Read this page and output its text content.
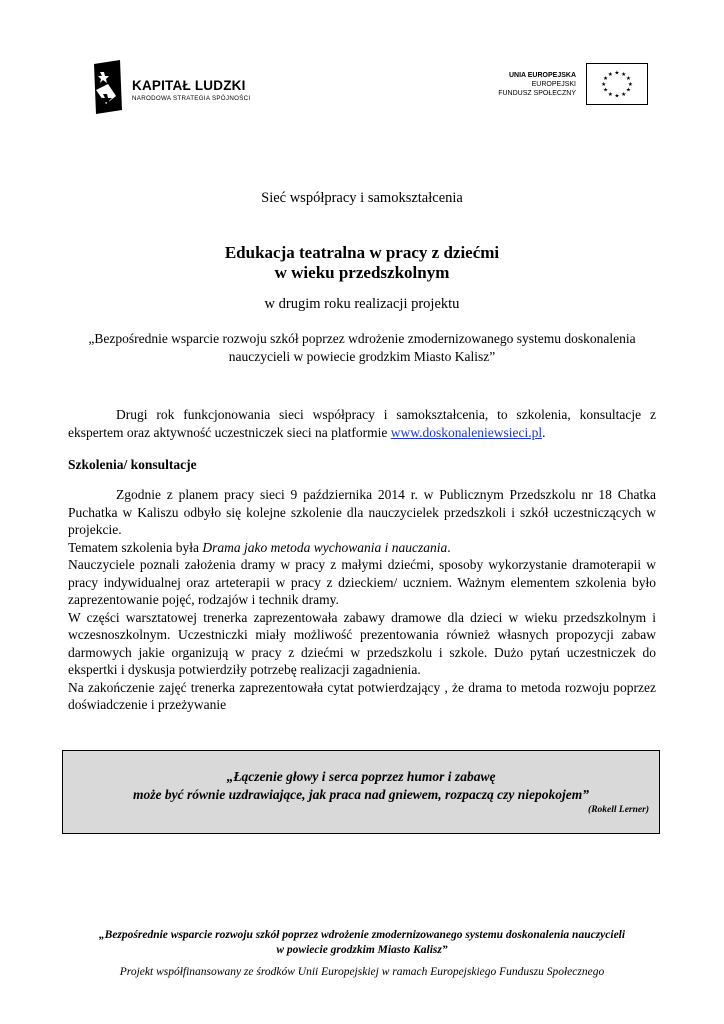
KAPITAŁ LUDZKI
NARODOWA STRATEGIA SPÓJNOŚCI
UNIA EUROPEJSKA
EUROPEJSKI
FUNDUSZ SPOŁECZNY
★ ★
★
★
★
★
★
★
★
★
★
★
Sieć współpracy i samokształcenia
Edukacja teatralna w pracy z dziećmi
w wieku przedszkolnym
w drugim roku realizacji projektu
„Bezpośrednie wsparcie rozwoju szkół poprzez wdrożenie zmodernizowanego systemu doskonalenia
nauczycieli w powiecie grodzkim Miasto Kalisz”
Drugi rok funkcjonowania sieci współpracy i samokształcenia, to szkolenia, konsultacje z ekspertem oraz aktywność uczestniczek sieci na platformie www.doskonaleniewsieci.pl.
Szkolenia/ konsultacje

Zgodnie z planem pracy sieci 9 października 2014 r. w Publicznym Przedszkolu nr 18 Chatka Puchatka w Kaliszu odbyło się kolejne szkolenie dla nauczycielek przedszkoli i szkół uczestniczących w projekcie.

Tematem szkolenia była Drama jako metoda wychowania i nauczania.

Nauczyciele poznali założenia dramy w pracy z małymi dziećmi, sposoby wykorzystanie dramoterapii w pracy indywidualnej oraz arteterapii w pracy z dzieckiem/ uczniem. Ważnym elementem szkolenia było zaprezentowanie pojęć, rodzajów i technik dramy.

W części warsztatowej trenerka zaprezentowała zabawy dramowe dla dzieci w wieku przedszkolnym i wczesnoszkolnym. Uczestniczki miały możliwość prezentowania również własnych propozycji zabaw darmowych jakie organizują w pracy z dziećmi w przedszkolu i szkole. Dużo pytań uczestniczek do ekspertki i dyskusja potwierdziły potrzebę realizacji zagadnienia.

Na zakończenie zajęć trenerka zaprezentowała cytat potwierdzający , że drama to metoda rozwoju poprzez doświadczenie i przeżywanie

„Łączenie głowy i serca poprzez humor i zabawę
może być równie uzdrawiające, jak praca nad gniewem, rozpaczą czy niepokojem”
(Rokell Lerner)
„Bezpośrednie wsparcie rozwoju szkół poprzez wdrożenie zmodernizowanego systemu doskonalenia nauczycieli
w powiecie grodzkim Miasto Kalisz”
Projekt współfinansowany ze środków Unii Europejskiej w ramach Europejskiego Funduszu Społecznego
